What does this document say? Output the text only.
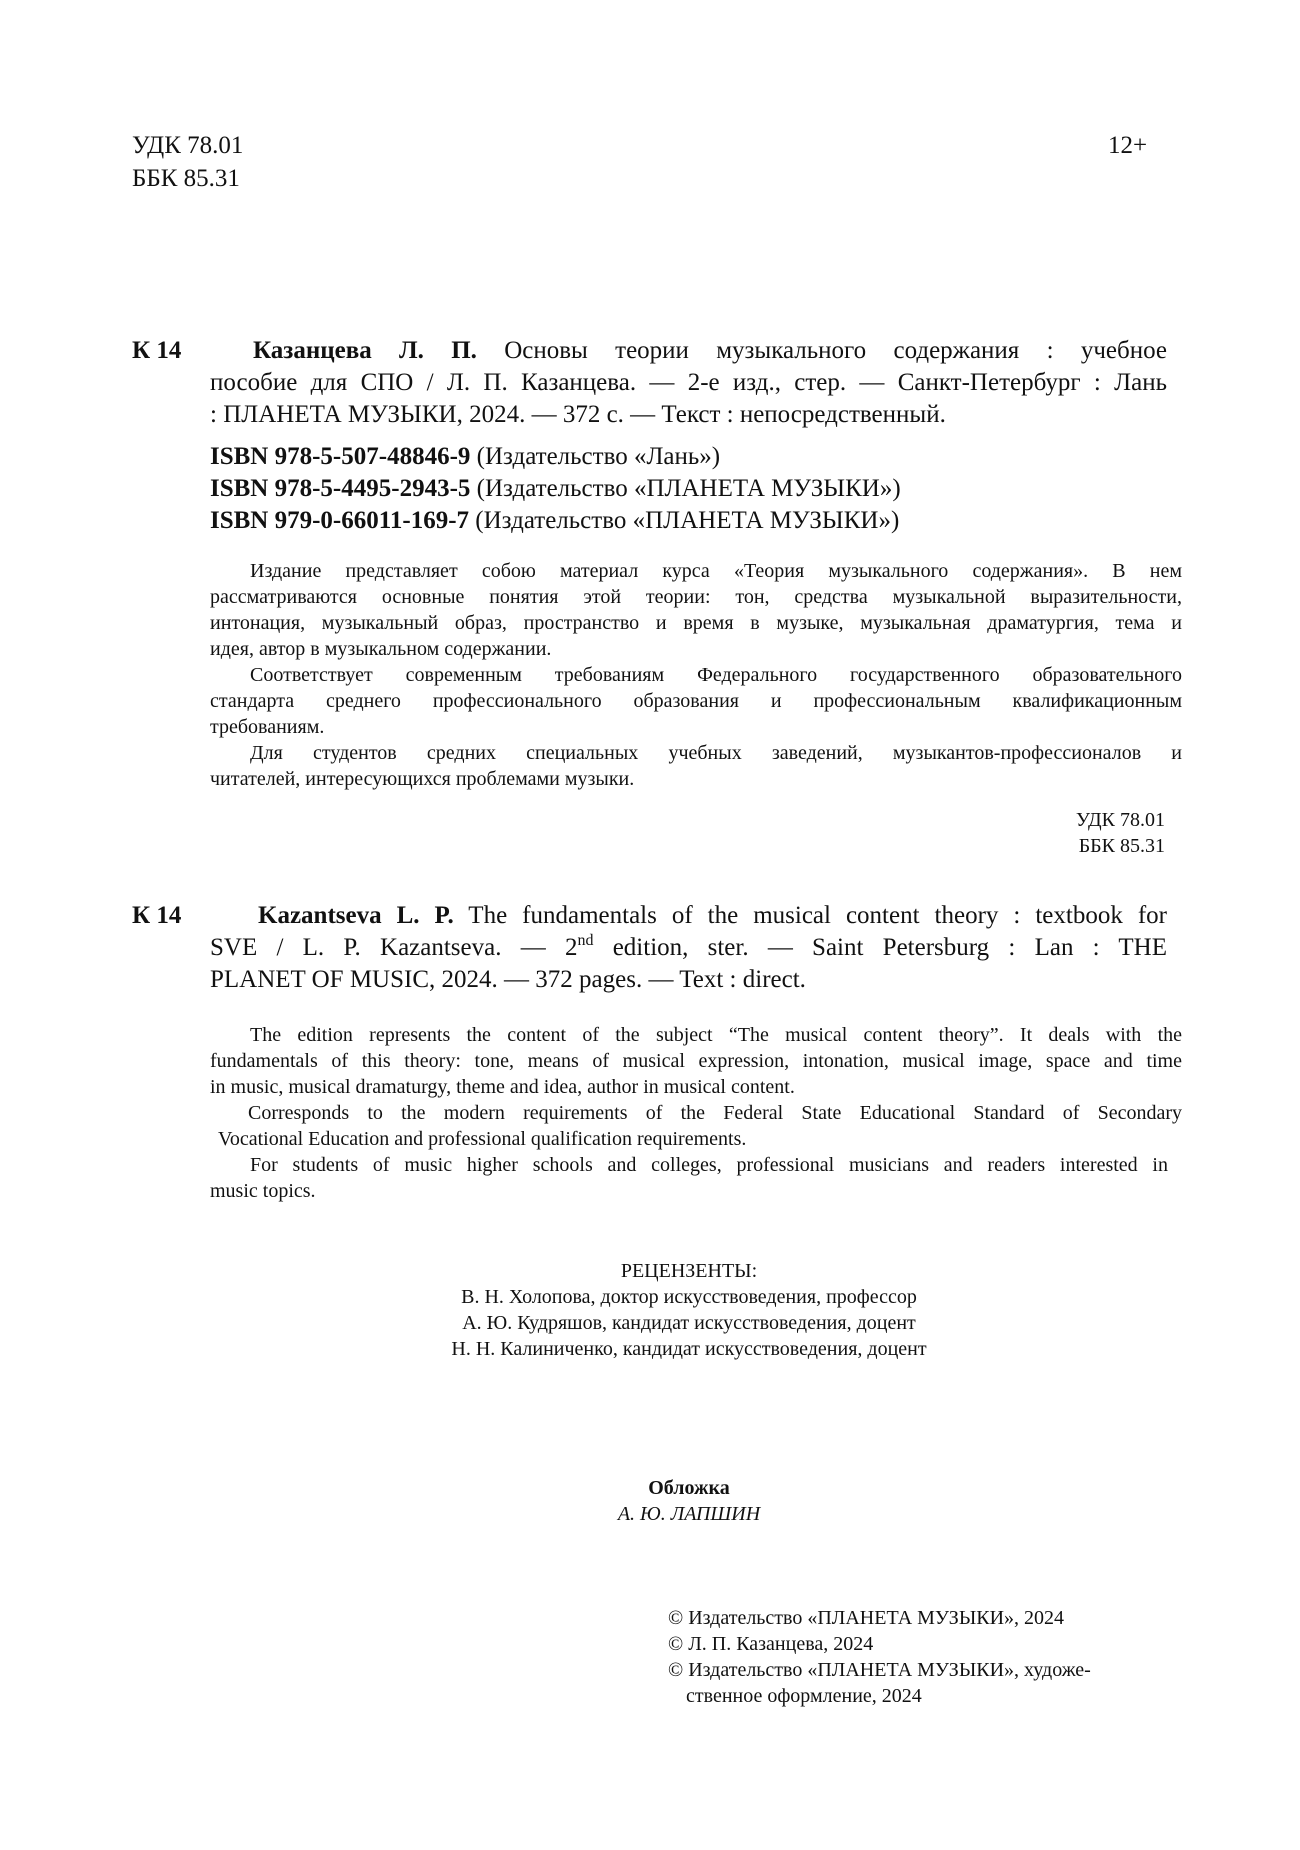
УДК 78.01
ББК 85.31
12+
К 14	Казанцева Л. П. Основы теории музыкального содержания : учебное
пособие для СПО / Л. П. Казанцева. — 2-е изд., стер. — Санкт-Петербург : Лань
: ПЛАНЕТА МУЗЫКИ, 2024. — 372 с. — Текст : непосредственный.
ISBN 978-5-507-48846-9 (Издательство «Лань»)
ISBN 978-5-4495-2943-5 (Издательство «ПЛАНЕТА МУЗЫКИ»)
ISBN 979-0-66011-169-7 (Издательство «ПЛАНЕТА МУЗЫКИ»)
Издание представляет собою материал курса «Теория музыкального содержания». В нем
рассматриваются основные понятия этой теории: тон, средства музыкальной выразительности,
интонация, музыкальный образ, пространство и время в музыке, музыкальная драматургия, тема и
идея, автор в музыкальном содержании.
Соответствует современным требованиям Федерального государственного образовательного
стандарта среднего профессионального образования и профессиональным квалификационным
требованиям.
Для студентов средних специальных учебных заведений, музыкантов-профессионалов и
читателей, интересующихся проблемами музыки.
УДК 78.01
ББК 85.31
К 14	Kazantseva L. P. The fundamentals of the musical content theory : textbook for
SVE / L. P. Kazantseva. — 2nd edition, ster. — Saint Petersburg : Lan : THE
PLANET OF MUSIC, 2024. — 372 pages. — Text : direct.
The edition represents the content of the subject “The musical content theory”. It deals with the
fundamentals of this theory: tone, means of musical expression, intonation, musical image, space and time
in music, musical dramaturgy, theme and idea, author in musical content.
Corresponds to the modern requirements of the Federal State Educational Standard of Secondary
Vocational Education and professional qualification requirements.
For students of music higher schools and colleges, professional musicians and readers interested in
music topics.
РЕЦЕНЗЕНТЫ:
В. Н. Холопова, доктор искусствоведения, профессор
А. Ю. Кудряшов, кандидат искусствоведения, доцент
Н. Н. Калиниченко, кандидат искусствоведения, доцент
Обложка
А. Ю. ЛАПШИН
© Издательство «ПЛАНЕТА МУЗЫКИ», 2024
© Л. П. Казанцева, 2024
© Издательство «ПЛАНЕТА МУЗЫКИ», художе-
ственное оформление, 2024
